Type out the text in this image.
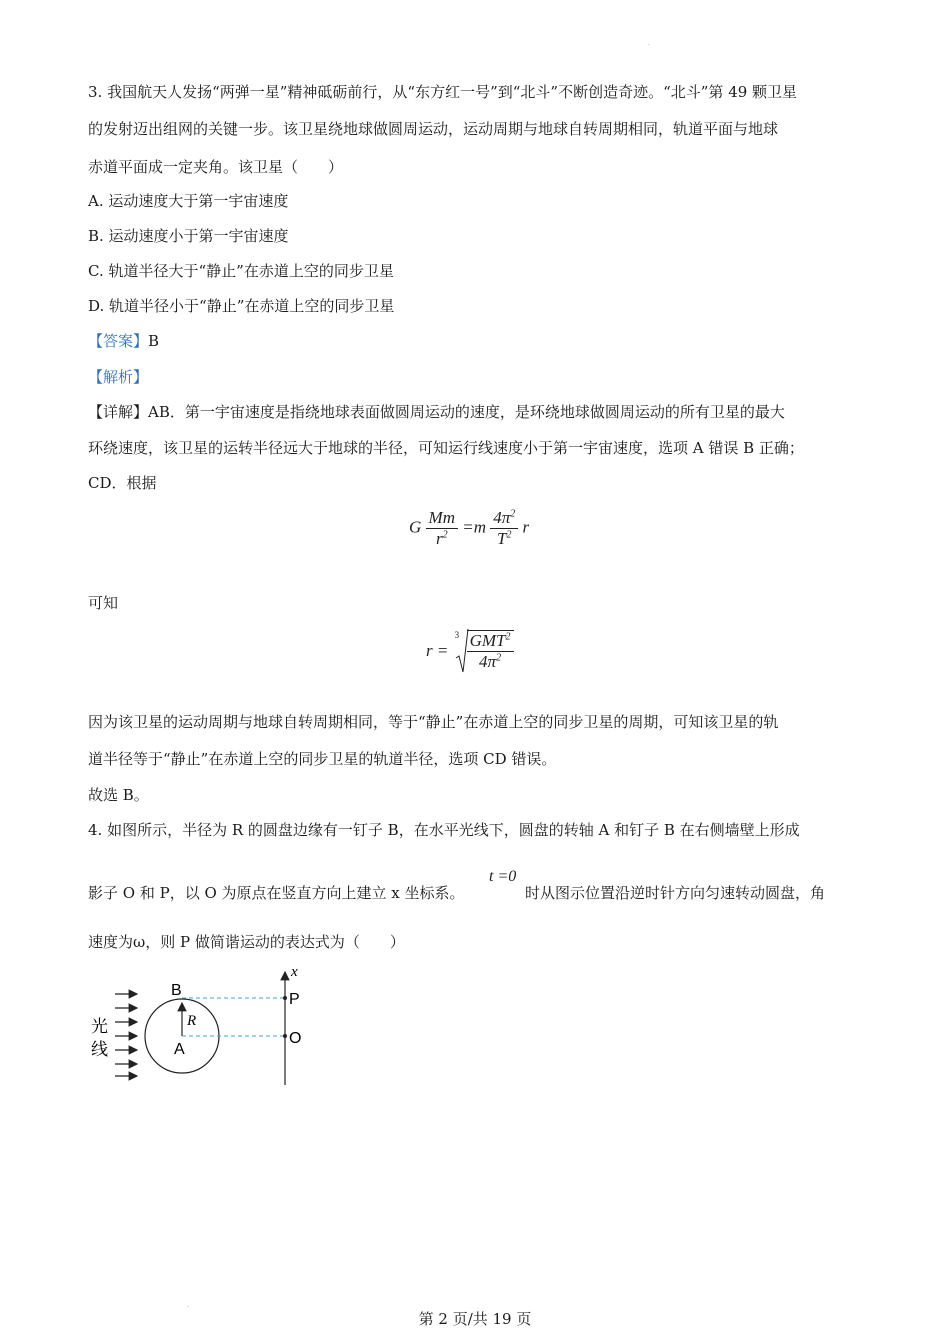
.
3. 我国航天人发扬“两弹一星”精神砥砺前行，从“东方红一号”到“北斗”不断创造奇迹。“北斗”第 49 颗卫星
的发射迈出组网的关键一步。该卫星绕地球做圆周运动，运动周期与地球自转周期相同，轨道平面与地球
赤道平面成一定夹角。该卫星（　　）
A. 运动速度大于第一宇宙速度
B. 运动速度小于第一宇宙速度
C. 轨道半径大于“静止”在赤道上空的同步卫星
D. 轨道半径小于“静止”在赤道上空的同步卫星
【答案】B
【解析】
【详解】AB．第一宇宙速度是指绕地球表面做圆周运动的速度，是环绕地球做圆周运动的所有卫星的最大
环绕速度，该卫星的运转半径远大于地球的半径，可知运行线速度小于第一宇宙速度，选项 A 错误 B 正确；
CD．根据
G $\frac{Mm}{r^2} =m \frac{4\pi^2}{T^2}$ r
可知
r =
$3 \frac{GMT^2}{4\pi^2}$
因为该卫星的运动周期与地球自转周期相同，等于“静止”在赤道上空的同步卫星的周期，可知该卫星的轨
道半径等于“静止”在赤道上空的同步卫星的轨道半径，选项 CD 错误。
故选 B。
4. 如图所示，半径为 R 的圆盘边缘有一钉子 B，在水平光线下，圆盘的转轴 A 和钉子 B 在右侧墙壁上形成
影子 O 和 P，以 O 为原点在竖直方向上建立 x 坐标系。
t =0
时从图示位置沿逆时针方向匀速转动圆盘，角
速度为ω，则 P 做简谐运动的表达式为（　　）
光
线
B
A
R
P
O
x
.
第 2 页/共 19 页
